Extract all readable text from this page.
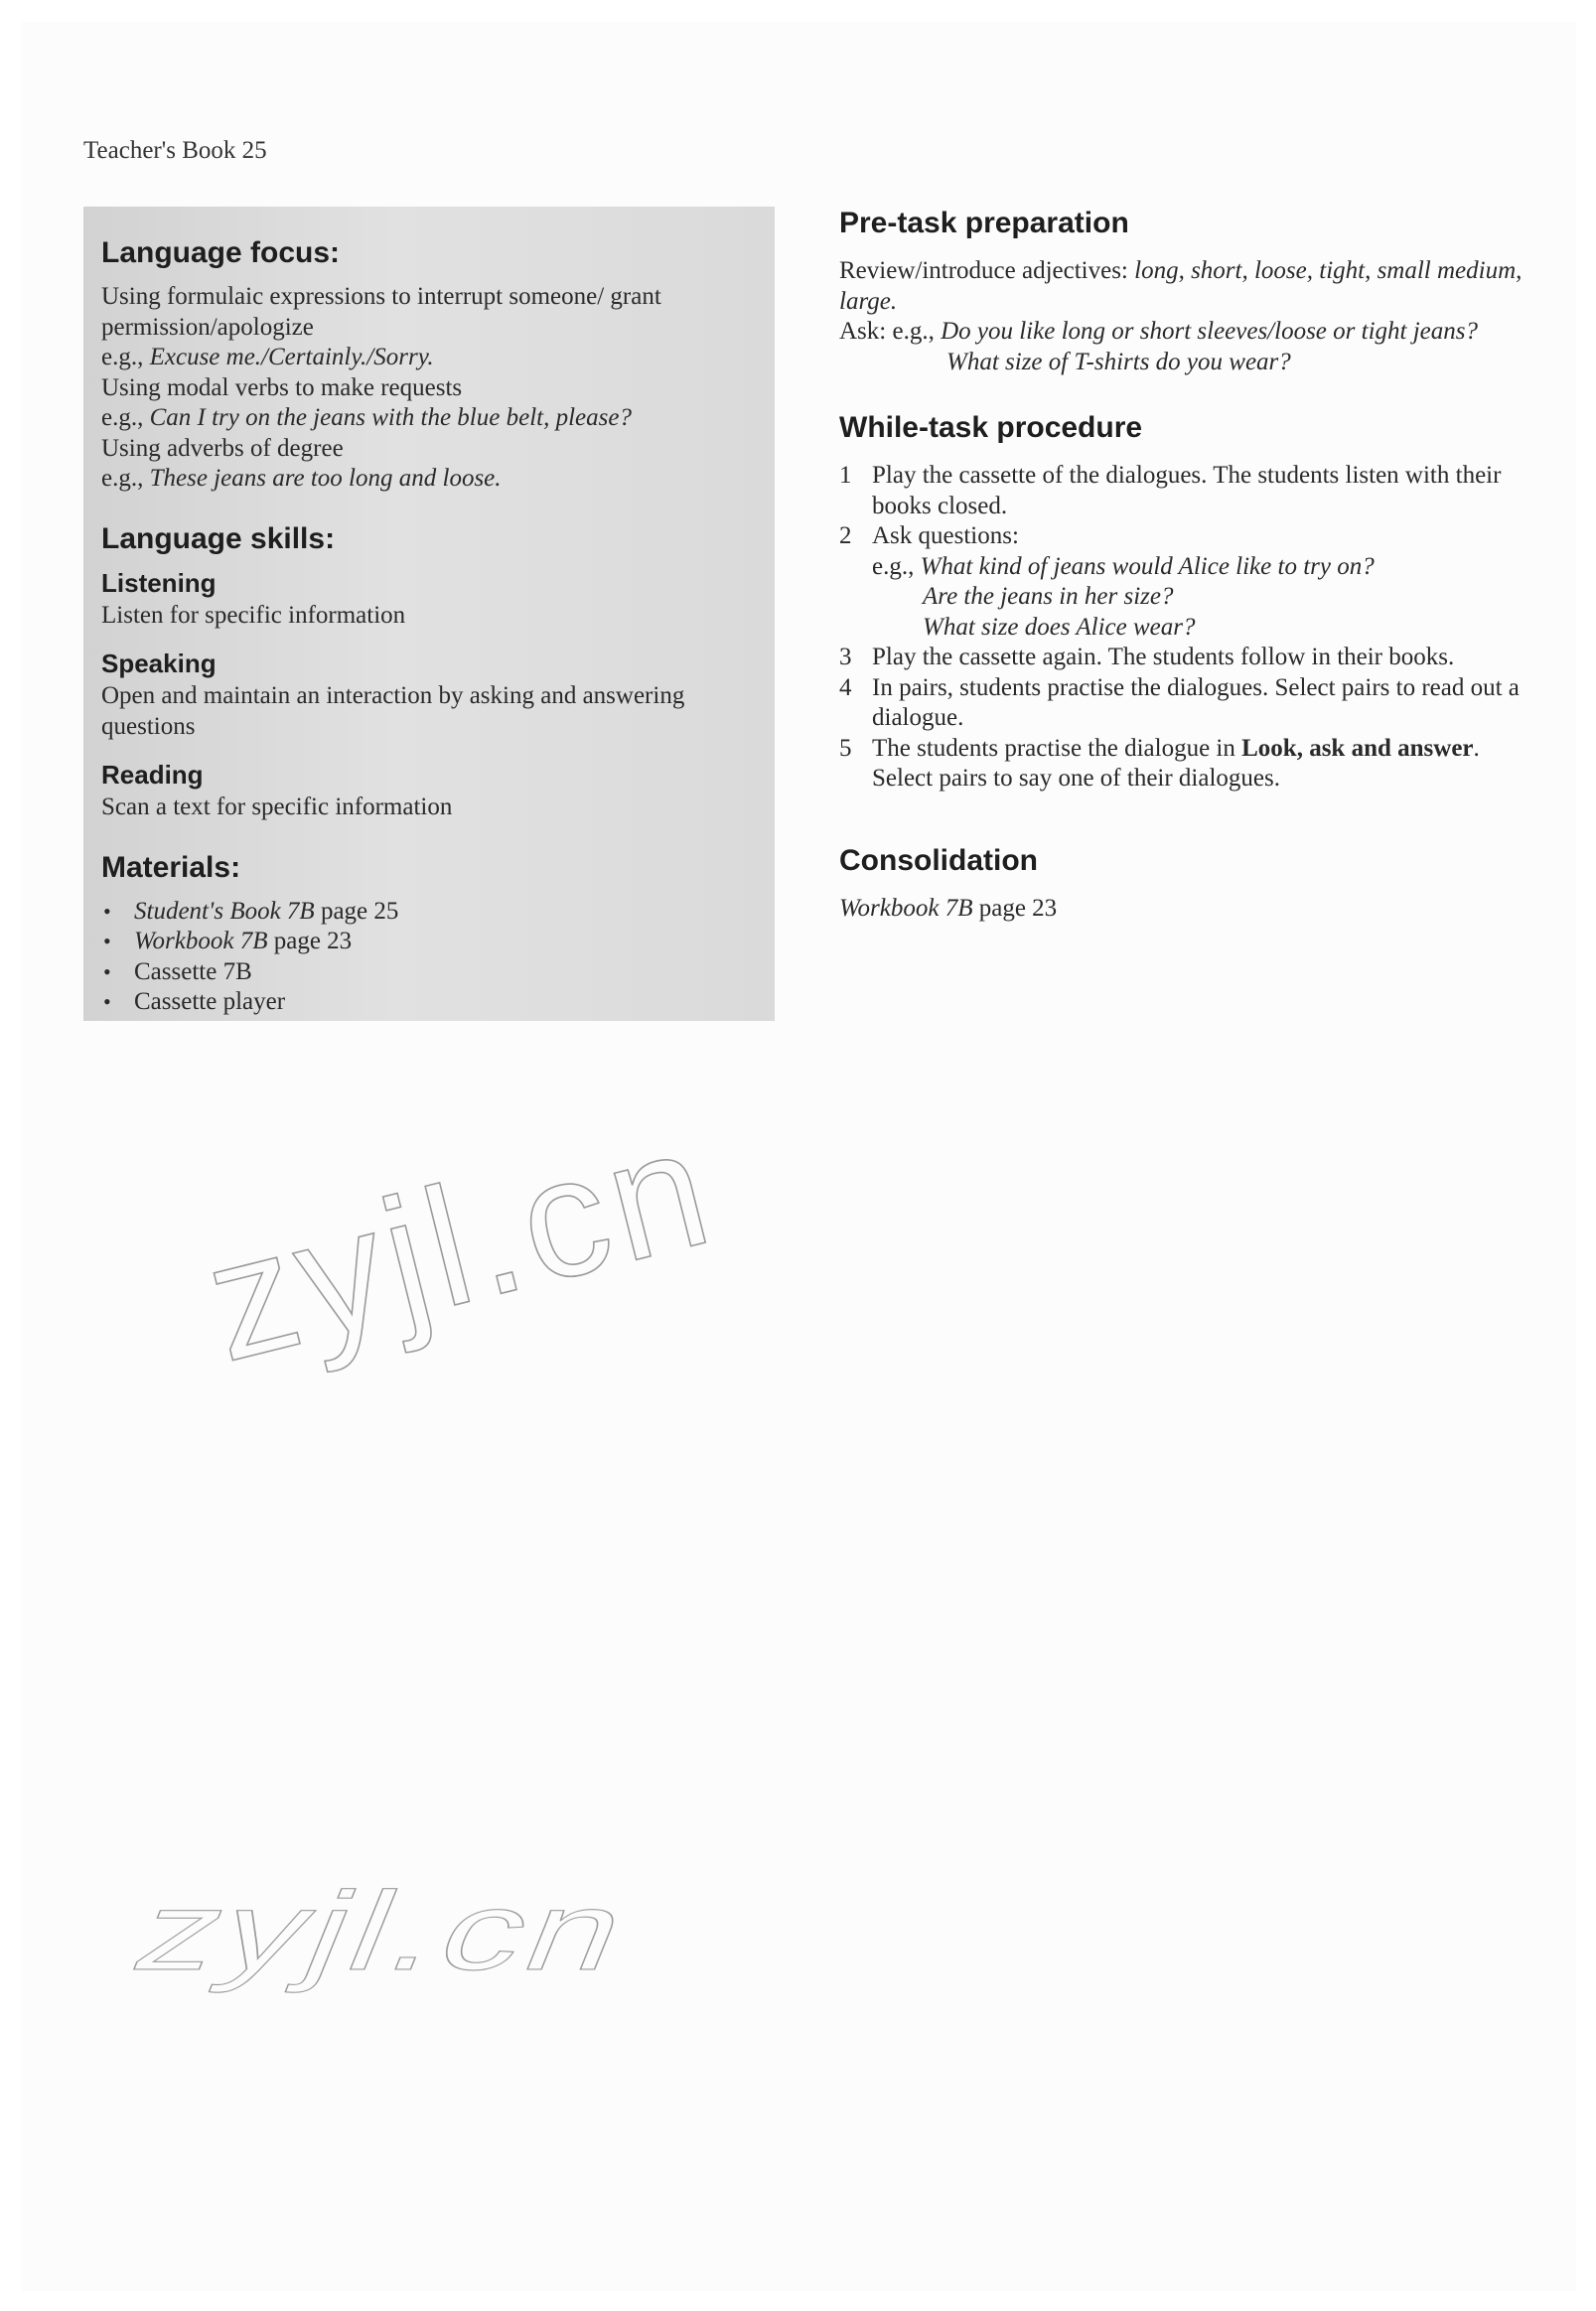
Teacher's Book 25
Language focus:
Using formulaic expressions to interrupt someone/ grant permission/apologize
e.g., Excuse me./Certainly./Sorry.
Using modal verbs to make requests
e.g., Can I try on the jeans with the blue belt, please?
Using adverbs of degree
e.g., These jeans are too long and loose.
Language skills:
Listening
Listen for specific information
Speaking
Open and maintain an interaction by asking and answering questions
Reading
Scan a text for specific information
Materials:
• Student's Book 7B page 25
• Workbook 7B page 23
• Cassette 7B
• Cassette player
Pre-task preparation
Review/introduce adjectives: long, short, loose, tight, small medium, large.
Ask: e.g., Do you like long or short sleeves/loose or tight jeans?
What size of T-shirts do you wear?
While-task procedure
1 Play the cassette of the dialogues. The students listen with their books closed.
2 Ask questions:
e.g., What kind of jeans would Alice like to try on?
Are the jeans in her size?
What size does Alice wear?
3 Play the cassette again. The students follow in their books.
4 In pairs, students practise the dialogues. Select pairs to read out a dialogue.
5 The students practise the dialogue in Look, ask and answer. Select pairs to say one of their dialogues.
Consolidation
Workbook 7B page 23
zyjl.cn
zyjl.cn
